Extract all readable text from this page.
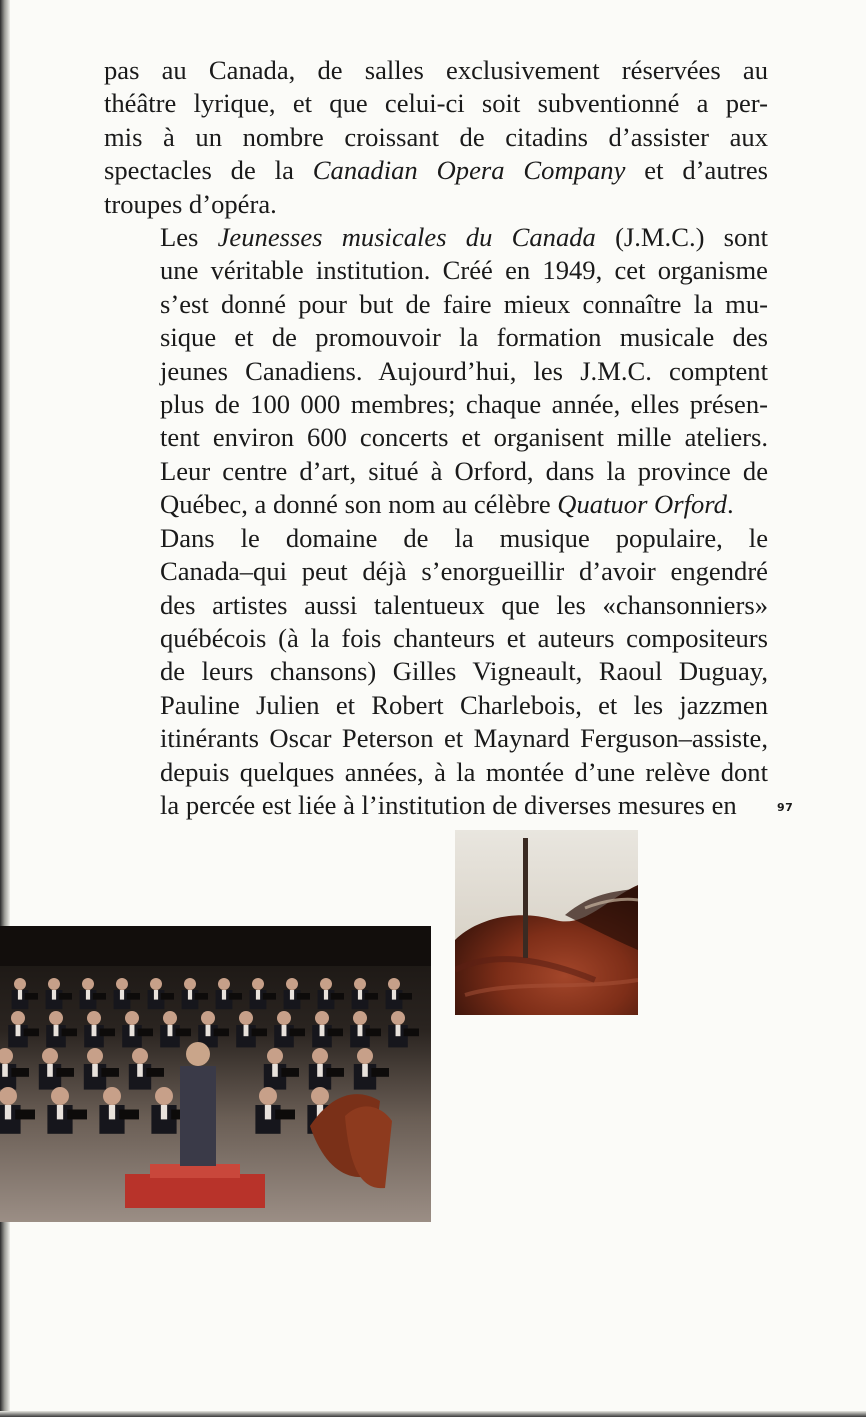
pas au Canada, de salles exclusivement réservées au
théâtre lyrique, et que celui-ci soit subventionné a per-
mis à un nombre croissant de citadins d’assister aux
spectacles de la Canadian Opera Company et d’autres
troupes d’opéra.

Les Jeunesses musicales du Canada (J.M.C.) sont
une véritable institution. Créé en 1949, cet organisme
s’est donné pour but de faire mieux connaître la mu-
sique et de promouvoir la formation musicale des
jeunes Canadiens. Aujourd’hui, les J.M.C. comptent
plus de 100 000 membres; chaque année, elles présen-
tent environ 600 concerts et organisent mille ateliers.
Leur centre d’art, situé à Orford, dans la province de
Québec, a donné son nom au célèbre Quatuor Orford.

Dans le domaine de la musique populaire, le
Canada–qui peut déjà s’enorgueillir d’avoir engendré
des artistes aussi talentueux que les «chansonniers»
québécois (à la fois chanteurs et auteurs compositeurs
de leurs chansons) Gilles Vigneault, Raoul Duguay,
Pauline Julien et Robert Charlebois, et les jazzmen
itinérants Oscar Peterson et Maynard Ferguson–assiste,
depuis quelques années, à la montée d’une relève dont
la percée est liée à l’institution de diverses mesures en	97
